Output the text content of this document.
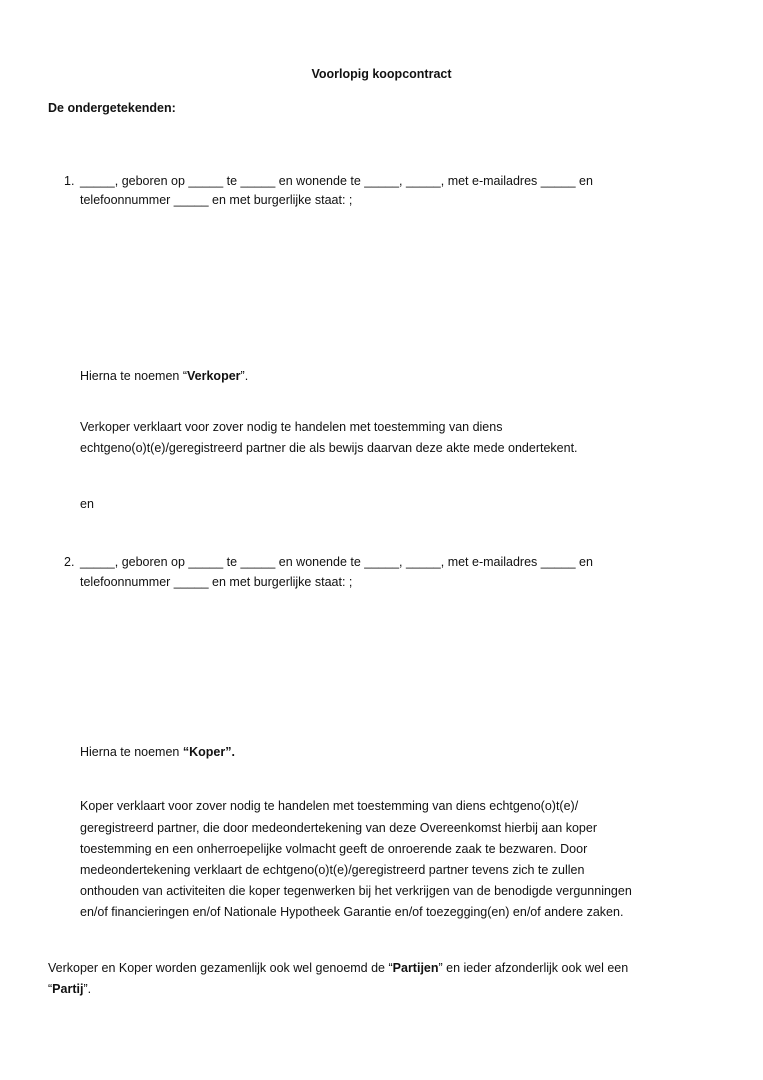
Voorlopig koopcontract
De ondergetekenden:
1. _____, geboren op _____ te _____ en wonende te _____, _____, met e-mailadres _____ en
telefoonnummer _____ en met burgerlijke staat: ;
Hierna te noemen “Verkoper”.
Verkoper verklaart voor zover nodig te handelen met toestemming van diens
echtgeno(o)t(e)/geregistreerd partner die als bewijs daarvan deze akte mede ondertekent.
en
2. _____, geboren op _____ te _____ en wonende te _____, _____, met e-mailadres _____ en
telefoonnummer _____ en met burgerlijke staat: ;
Hierna te noemen “Koper”.
Koper verklaart voor zover nodig te handelen met toestemming van diens echtgeno(o)t(e)/
geregistreerd partner, die door medeondertekening van deze Overeenkomst hierbij aan koper
toestemming en een onherroepelijke volmacht geeft de onroerende zaak te bezwaren. Door
medeondertekening verklaart de echtgeno(o)t(e)/geregistreerd partner tevens zich te zullen
onthouden van activiteiten die koper tegenwerken bij het verkrijgen van de benodigde vergunningen
en/of financieringen en/of Nationale Hypotheek Garantie en/of toezegging(en) en/of andere zaken.
Verkoper en Koper worden gezamenlijk ook wel genoemd de “Partijen” en ieder afzonderlijk ook wel een
“Partij”.
